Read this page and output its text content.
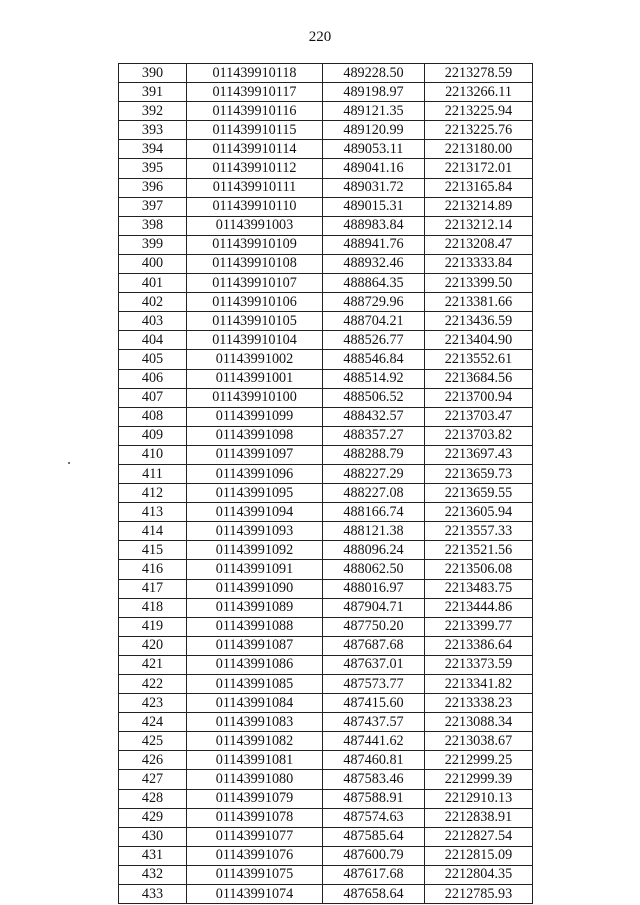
220
390	011439910118	489228.50	2213278.59
391	011439910117	489198.97	2213266.11
392	011439910116	489121.35	2213225.94
393	011439910115	489120.99	2213225.76
394	011439910114	489053.11	2213180.00
395	011439910112	489041.16	2213172.01
396	011439910111	489031.72	2213165.84
397	011439910110	489015.31	2213214.89
398	01143991003	488983.84	2213212.14
399	011439910109	488941.76	2213208.47
400	011439910108	488932.46	2213333.84
401	011439910107	488864.35	2213399.50
402	011439910106	488729.96	2213381.66
403	011439910105	488704.21	2213436.59
404	011439910104	488526.77	2213404.90
405	01143991002	488546.84	2213552.61
406	01143991001	488514.92	2213684.56
407	011439910100	488506.52	2213700.94
408	01143991099	488432.57	2213703.47
409	01143991098	488357.27	2213703.82
410	01143991097	488288.79	2213697.43
411	01143991096	488227.29	2213659.73
412	01143991095	488227.08	2213659.55
413	01143991094	488166.74	2213605.94
414	01143991093	488121.38	2213557.33
415	01143991092	488096.24	2213521.56
416	01143991091	488062.50	2213506.08
417	01143991090	488016.97	2213483.75
418	01143991089	487904.71	2213444.86
419	01143991088	487750.20	2213399.77
420	01143991087	487687.68	2213386.64
421	01143991086	487637.01	2213373.59
422	01143991085	487573.77	2213341.82
423	01143991084	487415.60	2213338.23
424	01143991083	487437.57	2213088.34
425	01143991082	487441.62	2213038.67
426	01143991081	487460.81	2212999.25
427	01143991080	487583.46	2212999.39
428	01143991079	487588.91	2212910.13
429	01143991078	487574.63	2212838.91
430	01143991077	487585.64	2212827.54
431	01143991076	487600.79	2212815.09
432	01143991075	487617.68	2212804.35
433	01143991074	487658.64	2212785.93
